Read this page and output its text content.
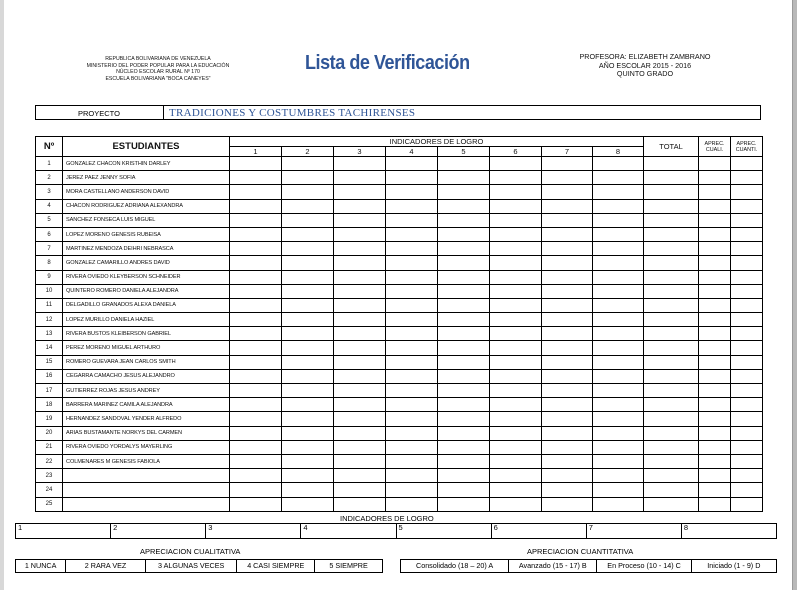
REPUBLICA BOLIVARIANA DE VENEZUELA
MINISTERIO DEL PODER POPULAR PARA LA EDUCACIÓN
NÚCLEO ESCOLAR RURAL Nº 170
ESCUELA BOLIVARIANA "BOCA CANEYES"
Lista de Verificación	PROFESORA: ELIZABETH ZAMBRANO
AÑO ESCOLAR 2015 - 2016
QUINTO GRADO
PROYECTO	TRADICIONES Y COSTUMBRES TACHIRENSES
Nº	ESTUDIANTES	INDICADORES DE LOGRO								TOTAL	APREC. CUALI.	APREC. CUANTI.
		1	2	3	4	5	6	7	8			
1	GONZALEZ CHACON KRISTHIN DARLEY											
2	JEREZ PAEZ JENNY SOFIA											
3	MORA CASTELLANO ANDERSON DAVID											
4	CHACON RODRIGUEZ ADRIANA ALEXANDRA											
5	SANCHEZ FONSECA LUIS MIGUEL											
6	LOPEZ MORENO GENESIS RUBEISA											
7	MARTINEZ MENDOZA DEIHRI NEBRASCA											
8	GONZALEZ CAMARILLO ANDRES DAVID											
9	RIVERA OVIEDO KLEYBERSON SCHNEIDER											
10	QUINTERO ROMERO DANIELA ALEJANDRA											
11	DELGADILLO GRANADOS ALEXA DANIELA											
12	LOPEZ MURILLO DANIELA HAZIEL											
13	RIVERA BUSTOS KLEIBERSON GABRIEL											
14	PEREZ MORENO MIGUEL ARTHURO											
15	ROMERO GUEVARA JEAN CARLOS SMITH											
16	CEGARRA CAMACHO JESUS ALEJANDRO											
17	GUTIERREZ ROJAS JESUS ANDREY											
18	BARRERA MARINEZ CAMILA ALEJANDRA											
19	HERNANDEZ SANDOVAL YENDER ALFREDO											
20	ARIAS BUSTAMANTE NORKYS DEL CARMEN											
21	RIVERA OVIEDO YORDALYS MAYERLING											
22	COLMENARES M GENESIS FABIOLA											
23												
24												
25												
INDICADORES DE LOGRO
1	2	3	4	5	6	7	8
APRECIACION CUALITATIVA	APRECIACION CUANTITATIVA
1 NUNCA	2 RARA VEZ	3 ALGUNAS VECES	4 CASI SIEMPRE	5 SIEMPRE	Consolidado (18 – 20) A	Avanzado (15 - 17) B	En Proceso (10 - 14) C	Iniciado (1 - 9) D
